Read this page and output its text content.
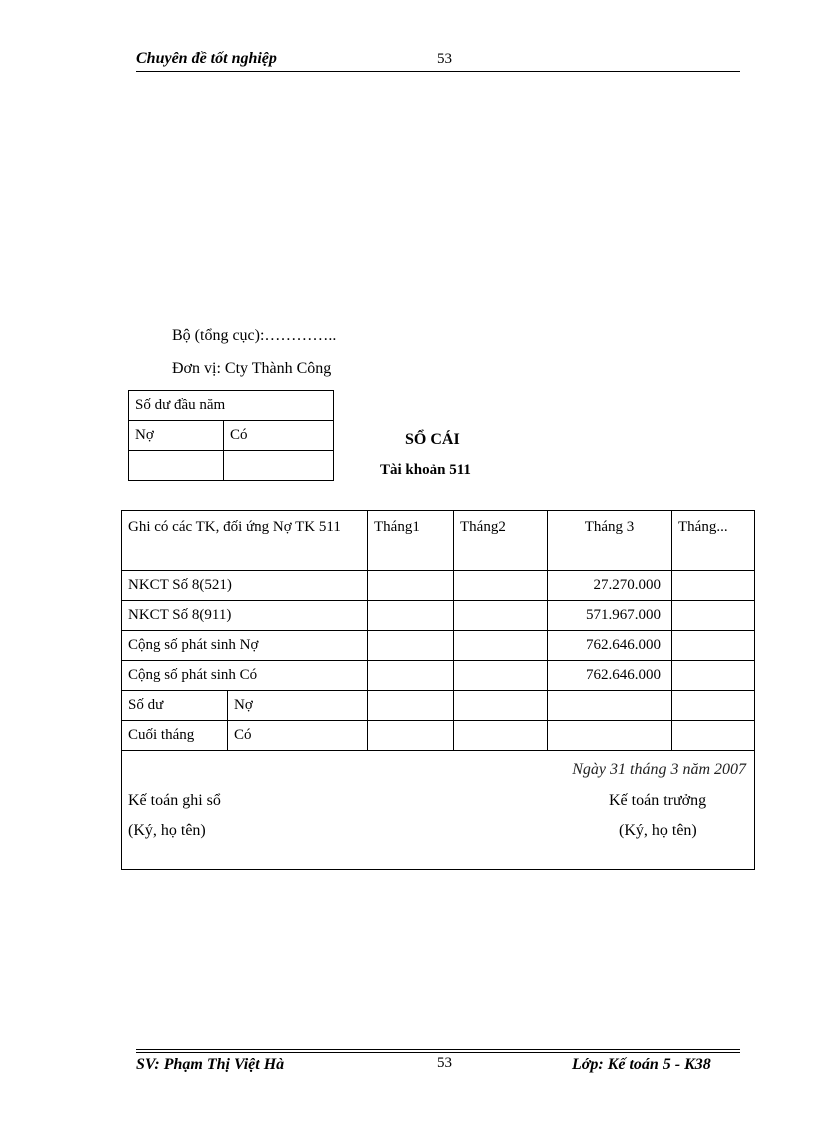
Chuyên đề tốt nghiệp	53
Bộ (tổng cục):…………..
Đơn vị: Cty Thành Công
Số dư đầu năm	
Nợ	Có
		SỔ CÁI
Tài khoản 511
Ghi có các TK, đối ứng Nợ TK 511		Tháng1	Tháng2	Tháng 3	Tháng...
NKCT Số 8(521)				27.270.000	
NKCT Số 8(911)				571.967.000	
Cộng số phát sinh Nợ				762.646.000	
Cộng số phát sinh Có				762.646.000	
Số dư	Nợ				
Cuối tháng	Có				

Ngày 31 tháng 3 năm 2007
Kế toán ghi sổ
(Ký, họ tên)
Kế toán trưởng
(Ký, họ tên)					
SV: Phạm Thị Việt Hà	53	Lớp: Kế toán 5 - K38
